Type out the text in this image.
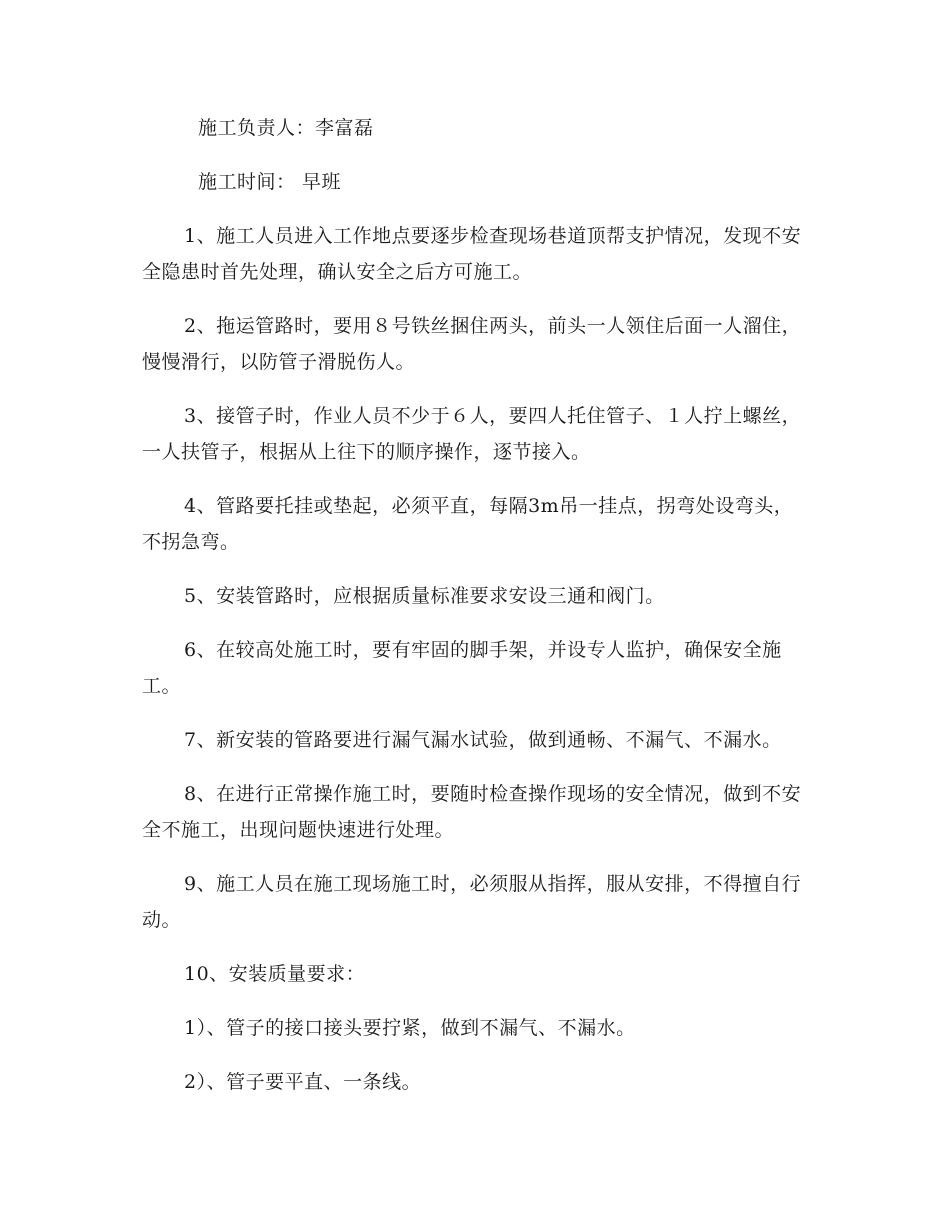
施工负责人：李富磊

施工时间： 早班

1、施工人员进入工作地点要逐步检查现场巷道顶帮支护情况，发现不安全隐患时首先处理，确认安全之后方可施工。

2、拖运管路时，要用８号铁丝捆住两头，前头一人领住后面一人溜住，慢慢滑行，以防管子滑脱伤人。

3、接管子时，作业人员不少于６人，要四人托住管子、１人拧上螺丝，一人扶管子，根据从上往下的顺序操作，逐节接入。

4、管路要托挂或垫起，必须平直，每隔3m吊一挂点，拐弯处设弯头，不拐急弯。

5、安装管路时，应根据质量标准要求安设三通和阀门。

6、在较高处施工时，要有牢固的脚手架，并设专人监护，确保安全施工。

7、新安装的管路要进行漏气漏水试验，做到通畅、不漏气、不漏水。

8、在进行正常操作施工时，要随时检查操作现场的安全情况，做到不安全不施工，出现问题快速进行处理。

9、施工人员在施工现场施工时，必须服从指挥，服从安排，不得擅自行动。

10、安装质量要求：

1）、管子的接口接头要拧紧，做到不漏气、不漏水。

2）、管子要平直、一条线。
